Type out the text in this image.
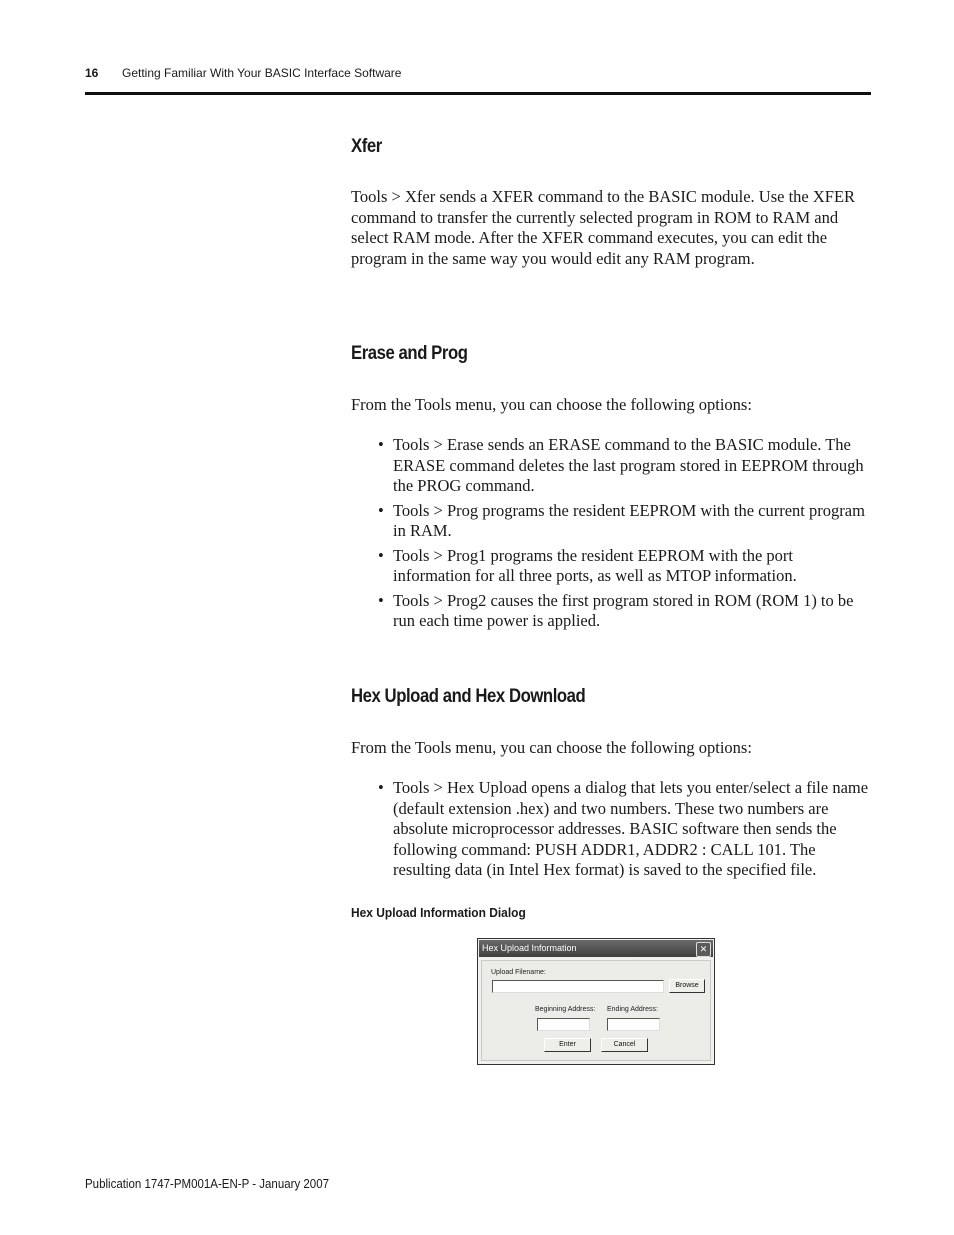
16 Getting Familiar With Your BASIC Interface Software
Xfer

Tools > Xfer sends a XFER command to the BASIC module. Use the XFER command to transfer the currently selected program in ROM to RAM and select RAM mode. After the XFER command executes, you can edit the program in the same way you would edit any RAM program.

Erase and Prog

From the Tools menu, you can choose the following options:

• Tools > Erase sends an ERASE command to the BASIC module. The ERASE command deletes the last program stored in EEPROM through the PROG command.
• Tools > Prog programs the resident EEPROM with the current program in RAM.
• Tools > Prog1 programs the resident EEPROM with the port information for all three ports, as well as MTOP information.
• Tools > Prog2 causes the first program stored in ROM (ROM 1) to be run each time power is applied.
Hex Upload and Hex Download

From the Tools menu, you can choose the following options:

• Tools > Hex Upload opens a dialog that lets you enter/select a file name (default extension .hex) and two numbers. These two numbers are absolute microprocessor addresses. BASIC software then sends the following command: PUSH ADDR1, ADDR2 : CALL 101. The resulting data (in Intel Hex format) is saved to the specified file.

Hex Upload Information Dialog

Hex Upload Information	✕
Upload Filename:
Browse
Beginning Address: Ending Address:
Enter	Cancel
Publication 1747-PM001A-EN-P - January 2007
